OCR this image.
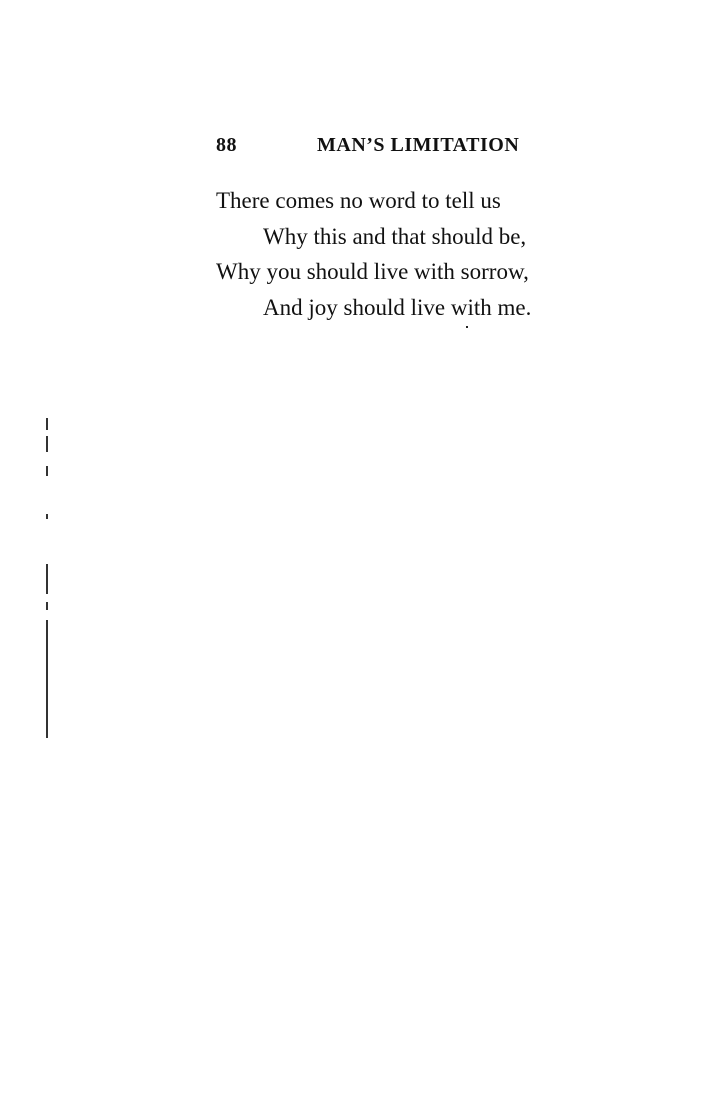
88	MAN’S LIMITATION
There comes no word to tell us
Why this and that should be,
Why you should live with sorrow,
And joy should live with me.
